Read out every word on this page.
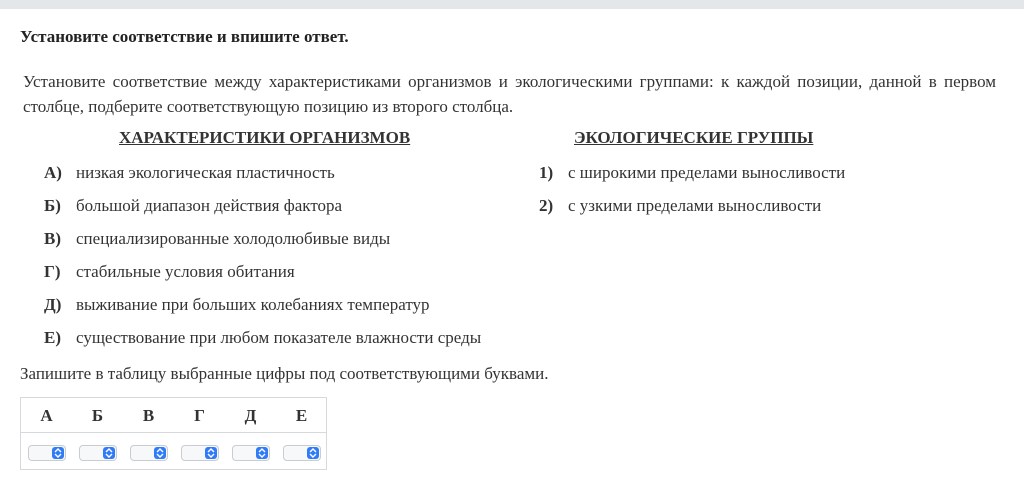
Установите соответствие и впишите ответ.
Установите соответствие между характеристиками организмов и экологическими группами: к каждой позиции, данной в первом столбце, подберите соответствующую позицию из второго столбца.
ХАРАКТЕРИСТИКИ ОРГАНИЗМОВ	ЭКОЛОГИЧЕСКИЕ ГРУППЫ
А) низкая экологическая пластичность
Б) большой диапазон действия фактора
В) специализированные холодолюбивые виды
Г) стабильные условия обитания
Д) выживание при больших колебаниях температур
Е) существование при любом показателе влажности среды
1) с широкими пределами выносливости
2) с узкими пределами выносливости
Запишите в таблицу выбранные цифры под соответствующими буквами.
А	Б	В	Г	Д	Е
